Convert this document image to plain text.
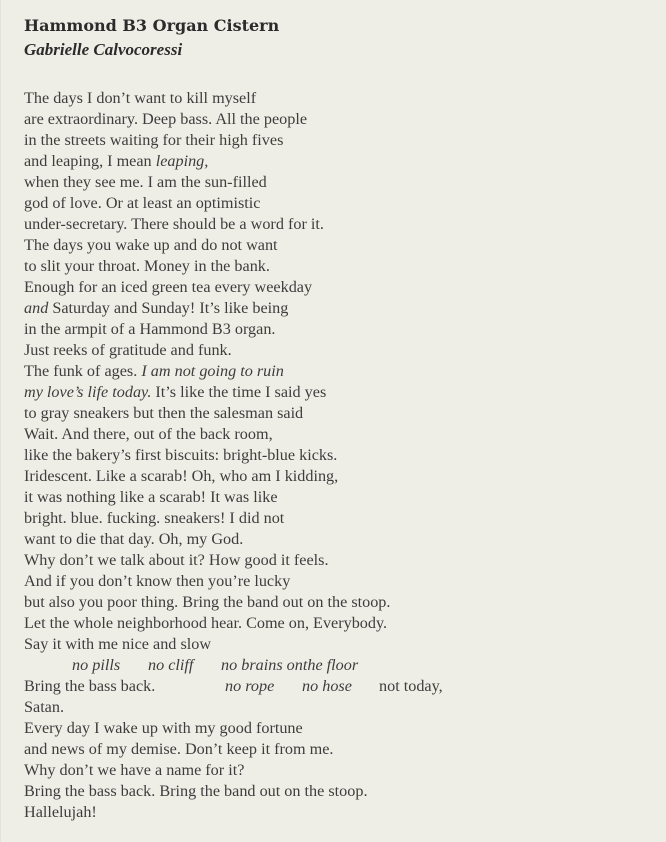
Hammond B3 Organ Cistern
Gabrielle Calvocoressi
The days I don’t want to kill myself
are extraordinary. Deep bass. All the people
in the streets waiting for their high fives
and leaping, I mean leaping,
when they see me. I am the sun-filled
god of love. Or at least an optimistic
under-secretary. There should be a word for it.
The days you wake up and do not want
to slit your throat. Money in the bank.
Enough for an iced green tea every weekday
and Saturday and Sunday! It’s like being
in the armpit of a Hammond B3 organ.
Just reeks of gratitude and funk.
The funk of ages. I am not going to ruin
my love’s life today. It’s like the time I said yes
to gray sneakers but then the salesman said
Wait. And there, out of the back room,
like the bakery’s first biscuits: bright-blue kicks.
Iridescent. Like a scarab! Oh, who am I kidding,
it was nothing like a scarab! It was like
bright. blue. fucking. sneakers! I did not
want to die that day. Oh, my God.
Why don’t we talk about it? How good it feels.
And if you don’t know then you’re lucky
but also you poor thing. Bring the band out on the stoop.
Let the whole neighborhood hear. Come on, Everybody.
Say it with me nice and slow
no pills no cliff no brains onthe floor
Bring the bass back.	no rope no hose not today,
Satan.
Every day I wake up with my good fortune
and news of my demise. Don’t keep it from me.
Why don’t we have a name for it?
Bring the bass back. Bring the band out on the stoop.
Hallelujah!
